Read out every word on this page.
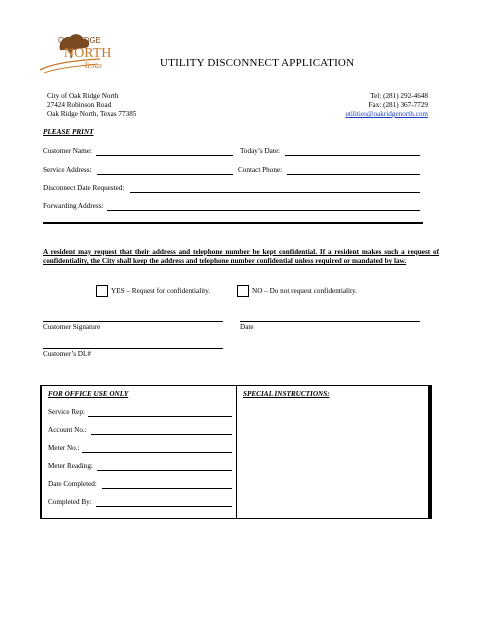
OAK RIDGE
NORTH
Texas	UTILITY DISCONNECT APPLICATION
City of Oak Ridge North
27424 Robinson Road
Oak Ridge North, Texas 77385
Tel: (281) 292-4648
Fax: (281) 367-7729
utilities@oakridgenorth.com
PLEASE PRINT
Customer Name:	Today’s Date:
Service Address:	Contact Phone:
Disconnect Date Requested:
Forwarding Address:
A resident may request that their address and telephone number be kept confidential. If a resident makes such a request of confidentiality, the City shall keep the address and telephone number confidential unless required or mandated by law.
YES – Request for confidentiality.	NO – Do not request confidentiality.
Customer Signature	Date
Customer’s DL#
FOR OFFICE USE ONLY	SPECIAL INSTRUCTIONS:
Service Rep:
Account No.:
Meter No.:
Meter Reading:
Date Completed:
Completed By:
